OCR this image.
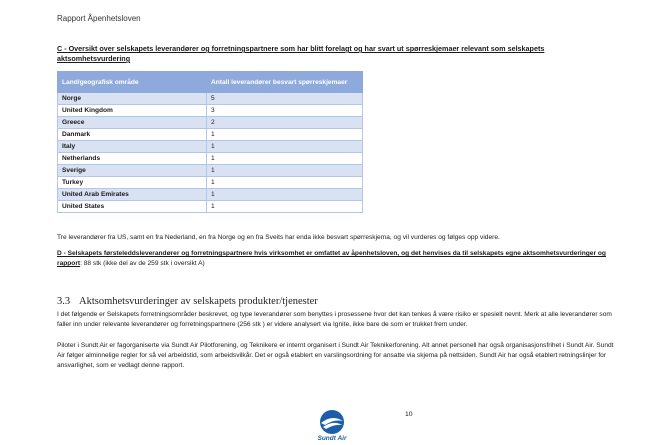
Rapport Åpenhetsloven
C - Oversikt over selskapets leverandører og forretningspartnere som har blitt forelagt og har svart ut spørreskjemaer relevant som selskapets aktsomhetsvurdering
Land/geografisk område	Antall leverandører besvart spørreskjemaer
Norge	5
United Kingdom	3
Greece	2
Danmark	1
Italy	1
Netherlands	1
Sverige	1
Turkey	1
United Arab Emirates	1
United States	1
Tre leverandører fra US, samt en fra Nederland, en fra Norge og en fra Sveits har enda ikke besvart spørreskjema, og vil vurderes og følges opp videre.
D - Selskapets førsteleddsleverandører og forretningspartnere hvis virksomhet er omfattet av åpenhetsloven, og det henvises da til selskapets egne aktsomhetsvurderinger og rapport: 88 stk (ikke del av de 259 stk i oversikt A)
3.3 Aktsomhetsvurderinger av selskapets produkter/tjenester
I det følgende er Selskapets forretningsområder beskrevet, og type leverandører som benyttes i prosessene hvor det kan tenkes å være risiko er spesielt nevnt. Merk at alle leverandører som faller inn under relevante leverandører og forretningspartnere (256 stk ) er videre analysert via Ignite, ikke bare de som er trukket frem under.
Piloter i Sundt Air er fagorganiserte via Sundt Air Pilotforening, og Teknikere er internt organisert i Sundt Air Teknikerforening. Alt annet personell har også organisasjonsfrihet i Sundt Air. Sundt Air følger alminnelige regler for så vel arbeidstid, som arbeidsvilkår. Det er også etablert en varslingsordning for ansatte via skjema på nettsiden. Sundt Air har også etablert retningslinjer for ansvarlighet, som er vedlagt denne rapport.
Sundt Air
10
